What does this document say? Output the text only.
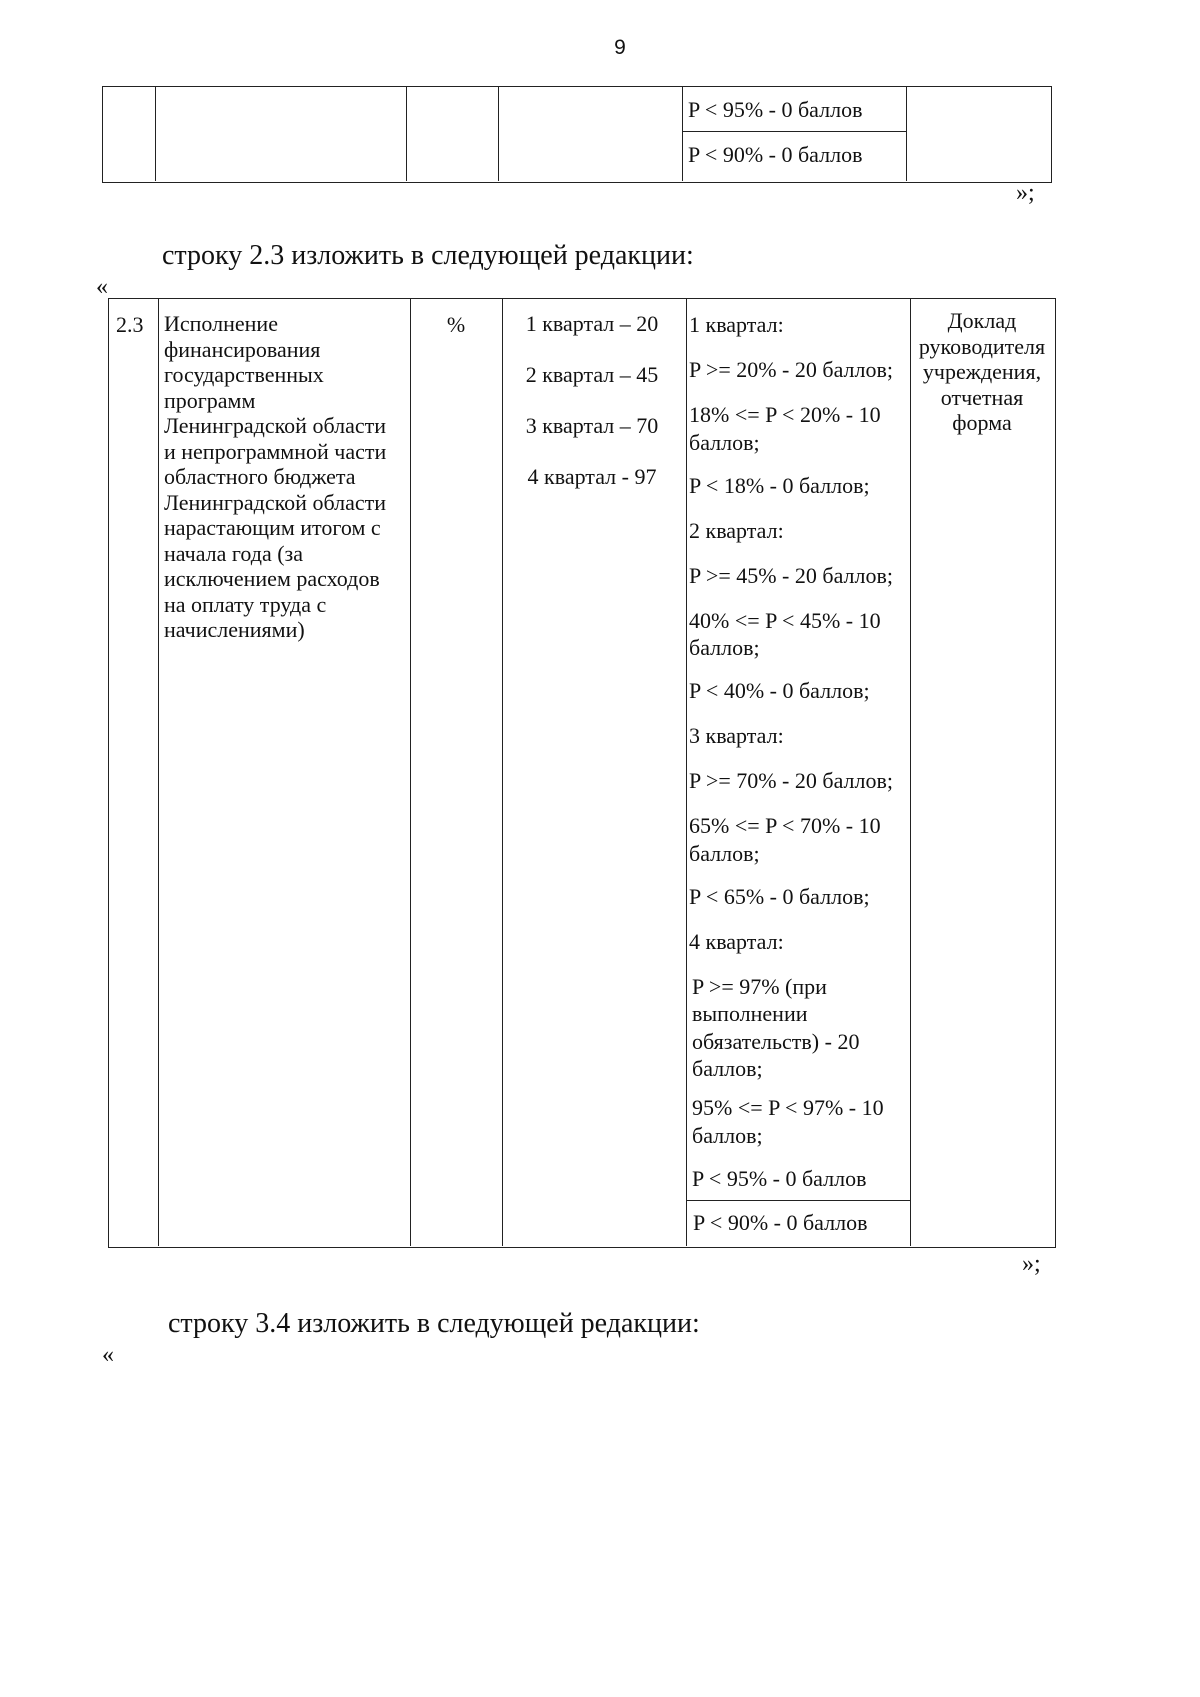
9
P < 95% - 0 баллов
P < 90% - 0 баллов
»;
строку 2.3 изложить в следующей редакции:
«
2.3 Исполнение
финансирования
государственных
программ
Ленинградской области
и непрограммной части
областного бюджета
Ленинградской области
нарастающим итогом с
начала года (за
исключением расходов
на оплату труда с
начислениями)
%	1 квартал – 20
2 квартал – 45
3 квартал – 70
4 квартал - 97
1 квартал:
P >= 20% - 20 баллов;
18% <= P < 20% - 10
баллов;
P < 18% - 0 баллов;
2 квартал:
P >= 45% - 20 баллов;
40% <= P < 45% - 10
баллов;
P < 40% - 0 баллов;
3 квартал:
P >= 70% - 20 баллов;
65% <= P < 70% - 10
баллов;
P < 65% - 0 баллов;
4 квартал:
P >= 97% (при
выполнении
обязательств) - 20
баллов;
95% <= P < 97% - 10
баллов;
P < 95% - 0 баллов
P < 90% - 0 баллов
Доклад
руководителя
учреждения,
отчетная
форма
»;
строку 3.4 изложить в следующей редакции:
«
